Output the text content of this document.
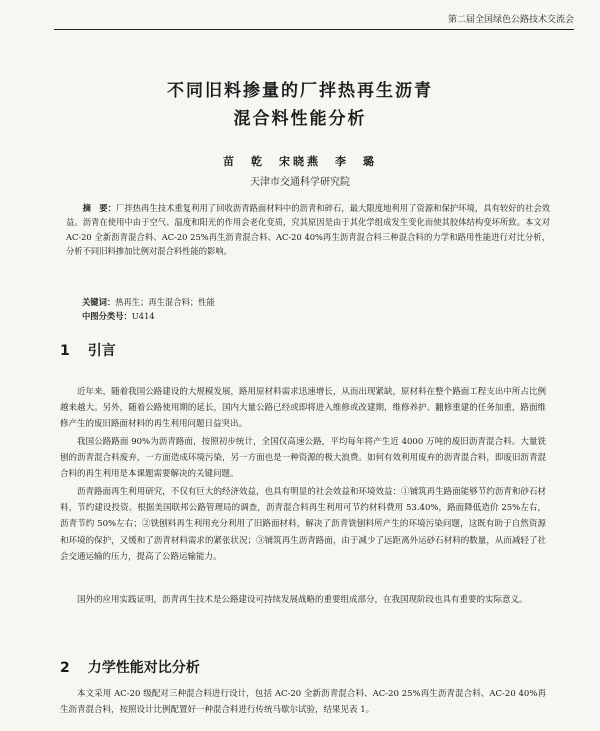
第二届全国绿色公路技术交流会
不同旧料掺量的厂拌热再生沥青
混合料性能分析
苗　乾　宋晓燕　李　璐
天津市交通科学研究院

摘　要：厂拌热再生技术重复利用了回收沥青路面材料中的沥青和碎石，最大限度地利用了资源和保护环境，具有较好的社会效益。沥青在使用中由于空气、温度和阳光的作用会老化变质，究其原因是由于其化学组成发生变化而使其胶体结构变坏所致。本文对 AC-20 全新沥青混合料、AC-20 25%再生沥青混合料、AC-20 40%再生沥青混合料三种混合料的力学和路用性能进行对比分析，分析不同旧料掺加比例对混合料性能的影响。

关键词：热再生；再生混合料；性能
中图分类号：U414
1 引言

近年来，随着我国公路建设的大规模发展，路用原材料需求迅速增长，从而出现紧缺，原材料在整个路面工程支出中所占比例越来越大。另外，随着公路使用期的延长，国内大量公路已经或即将进入维修或改建期，维修养护、翻修重建的任务加重，路面维修产生的废旧路面材料的再生利用问题日益突出。

我国公路路面 90%为沥青路面，按照初步统计，全国仅高速公路，平均每年将产生近 4000 万吨的废旧沥青混合料。大量铣刨的沥青混合料废弃，一方面造成环境污染，另一方面也是一种资源的极大浪费。如何有效利用废弃的沥青混合料，即废旧沥青混合料的再生利用是本课题需要解决的关键问题。

沥青路面再生利用研究，不仅有巨大的经济效益，也具有明显的社会效益和环境效益：①铺筑再生路面能够节约沥青和砂石材料，节约建设投资。根据美国联邦公路管理局的调查，沥青混合料再生利用可节约材料费用 53.40%，路面降低造价 25%左右，沥青节约 50%左右；②铣刨料再生利用充分利用了旧路面材料，解决了沥青铣刨料所产生的环境污染问题，这既有助于自然资源和环境的保护，又缓和了沥青材料需求的紧张状况；③铺筑再生沥青路面，由于减少了远距离外运砂石材料的数量，从而减轻了社会交通运输的压力，提高了公路运输能力。

国外的应用实践证明，沥青再生技术是公路建设可持续发展战略的重要组成部分，在我国现阶段也具有重要的实际意义。

2 力学性能对比分析

本文采用 AC-20 级配对三种混合料进行设计，包括 AC-20 全新沥青混合料、AC-20 25%再生沥青混合料、AC-20 40%再生沥青混合料，按照设计比例配置好一种混合料进行传统马歇尔试验，结果见表 1。
